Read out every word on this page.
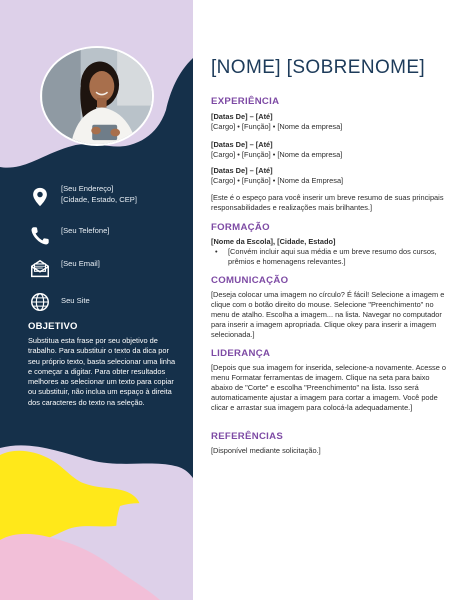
[Seu Endereço]
[Cidade, Estado, CEP]
[Seu Telefone]
[Seu Email]
Seu Site
OBJETIVO
Substitua esta frase por seu objetivo de trabalho. Para substituir o texto da dica por seu próprio texto, basta selecionar uma linha e começar a digitar. Para obter resultados melhores ao selecionar um texto para copiar ou substituir, não inclua um espaço à direita dos caracteres do texto na seleção.
[NOME] [SOBRENOME]
EXPERIÊNCIA
[Datas De] – [Até]
[Cargo] • [Função] • [Nome da empresa]
[Datas De] – [Até]
[Cargo] • [Função] • [Nome da empresa]
[Datas De] – [Até]
[Cargo] • [Função] • [Nome da Empresa]
[Este é o espeço para você inserir um breve resumo de suas principais responsabilidades e realizações mais brilhantes.]
FORMAÇÃO
[Nome da Escola], [Cidade, Estado]
• [Convém incluir aqui sua média e um breve resumo dos cursos, prêmios e homenagens relevantes.]
COMUNICAÇÃO
[Deseja colocar uma imagem no círculo? É fácil! Selecione a imagem e clique com o botão direito do mouse. Selecione "Preenchimento" no menu de atalho. Escolha a imagem... na lista. Navegar no computador para inserir a imagem apropriada. Clique okey para inserir a imagem selecionada.]
LIDERANÇA
[Depois que sua imagem for inserida, selecione-a novamente. Acesse o menu Formatar ferramentas de imagem. Clique na seta para baixo abaixo de "Corte" e escolha "Preenchimento" na lista. Isso será automaticamente ajustar a imagem para cortar a imagem. Você pode clicar e arrastar sua imagem para colocá-la adequadamente.]
REFERÊNCIAS
[Disponível mediante solicitação.]
